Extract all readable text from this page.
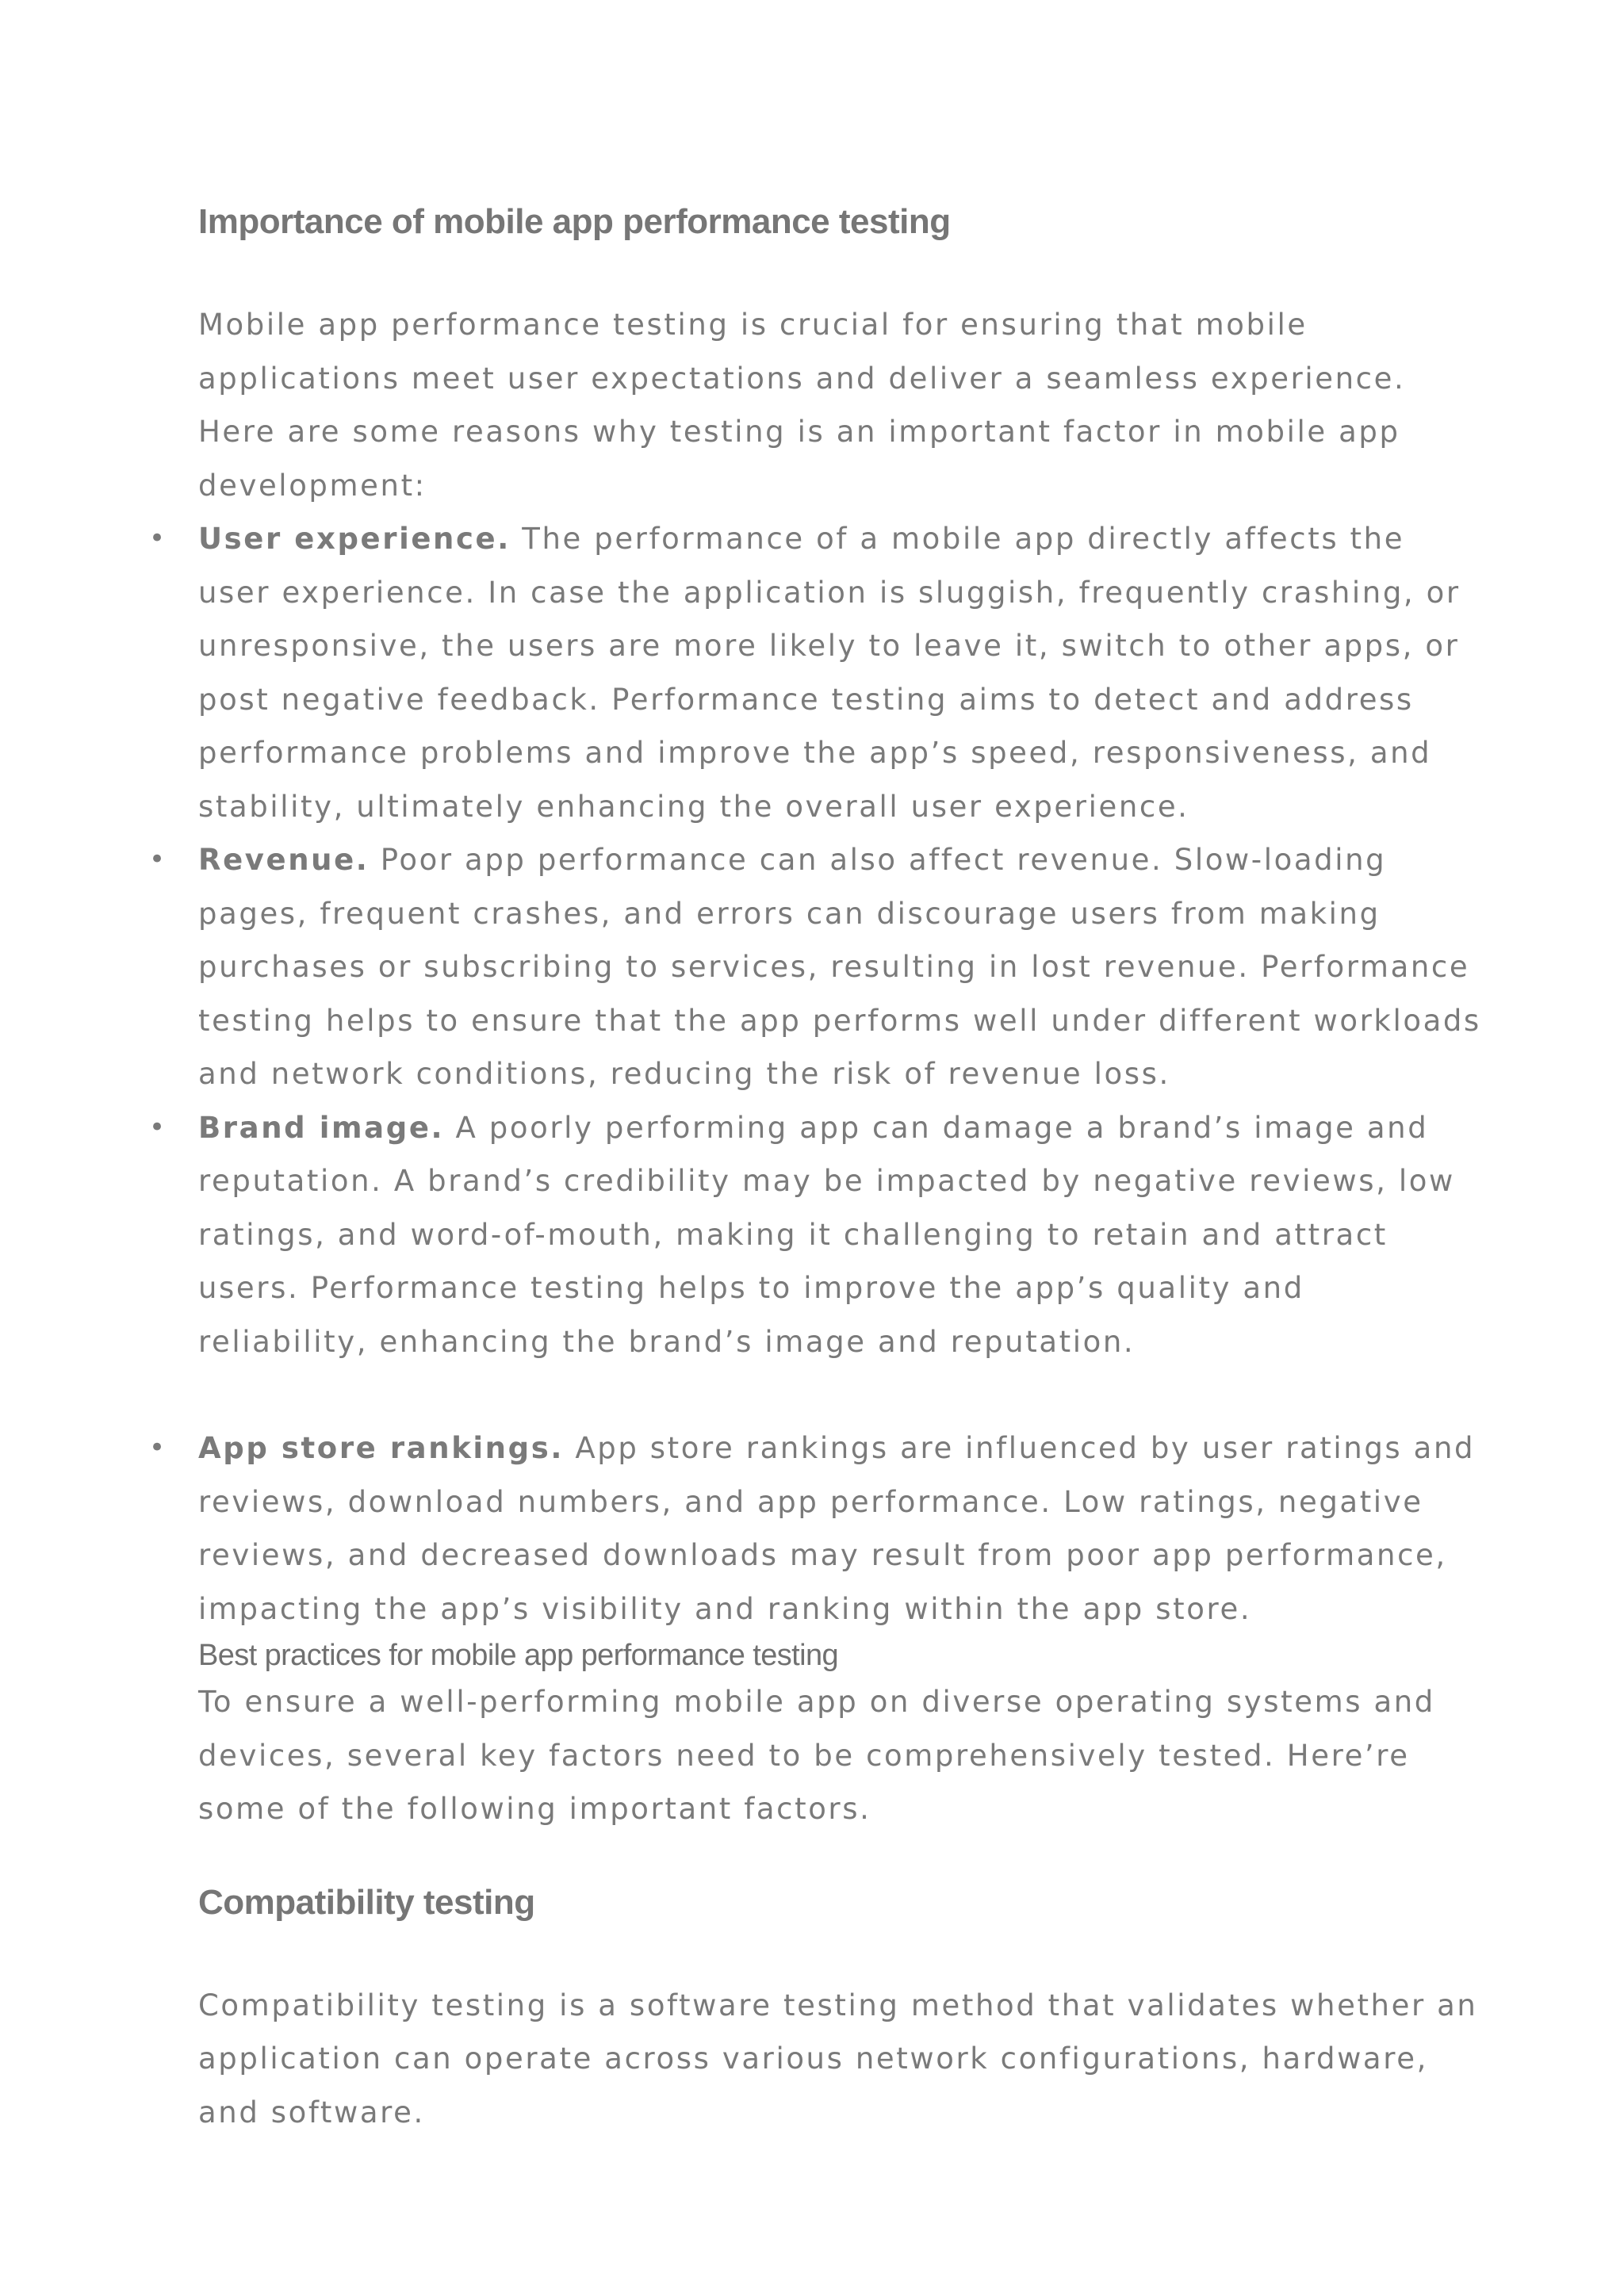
Importance of mobile app performance testing

Mobile app performance testing is crucial for ensuring that mobile applications meet user expectations and deliver a seamless experience. Here are some reasons why testing is an important factor in mobile app development:

• User experience. The performance of a mobile app directly affects the user experience. In case the application is sluggish, frequently crashing, or unresponsive, the users are more likely to leave it, switch to other apps, or post negative feedback. Performance testing aims to detect and address performance problems and improve the app’s speed, responsiveness, and stability, ultimately enhancing the overall user experience.
• Revenue. Poor app performance can also affect revenue. Slow-loading pages, frequent crashes, and errors can discourage users from making purchases or subscribing to services, resulting in lost revenue. Performance testing helps to ensure that the app performs well under different workloads and network conditions, reducing the risk of revenue loss.
• Brand image. A poorly performing app can damage a brand’s image and reputation. A brand’s credibility may be impacted by negative reviews, low ratings, and word-of-mouth, making it challenging to retain and attract users. Performance testing helps to improve the app’s quality and reliability, enhancing the brand’s image and reputation.
• App store rankings. App store rankings are influenced by user ratings and reviews, download numbers, and app performance. Low ratings, negative reviews, and decreased downloads may result from poor app performance, impacting the app’s visibility and ranking within the app store.

Best practices for mobile app performance testing

To ensure a well-performing mobile app on diverse operating systems and devices, several key factors need to be comprehensively tested. Here’re some of the following important factors.

Compatibility testing

Compatibility testing is a software testing method that validates whether an application can operate across various network configurations, hardware, and software.
